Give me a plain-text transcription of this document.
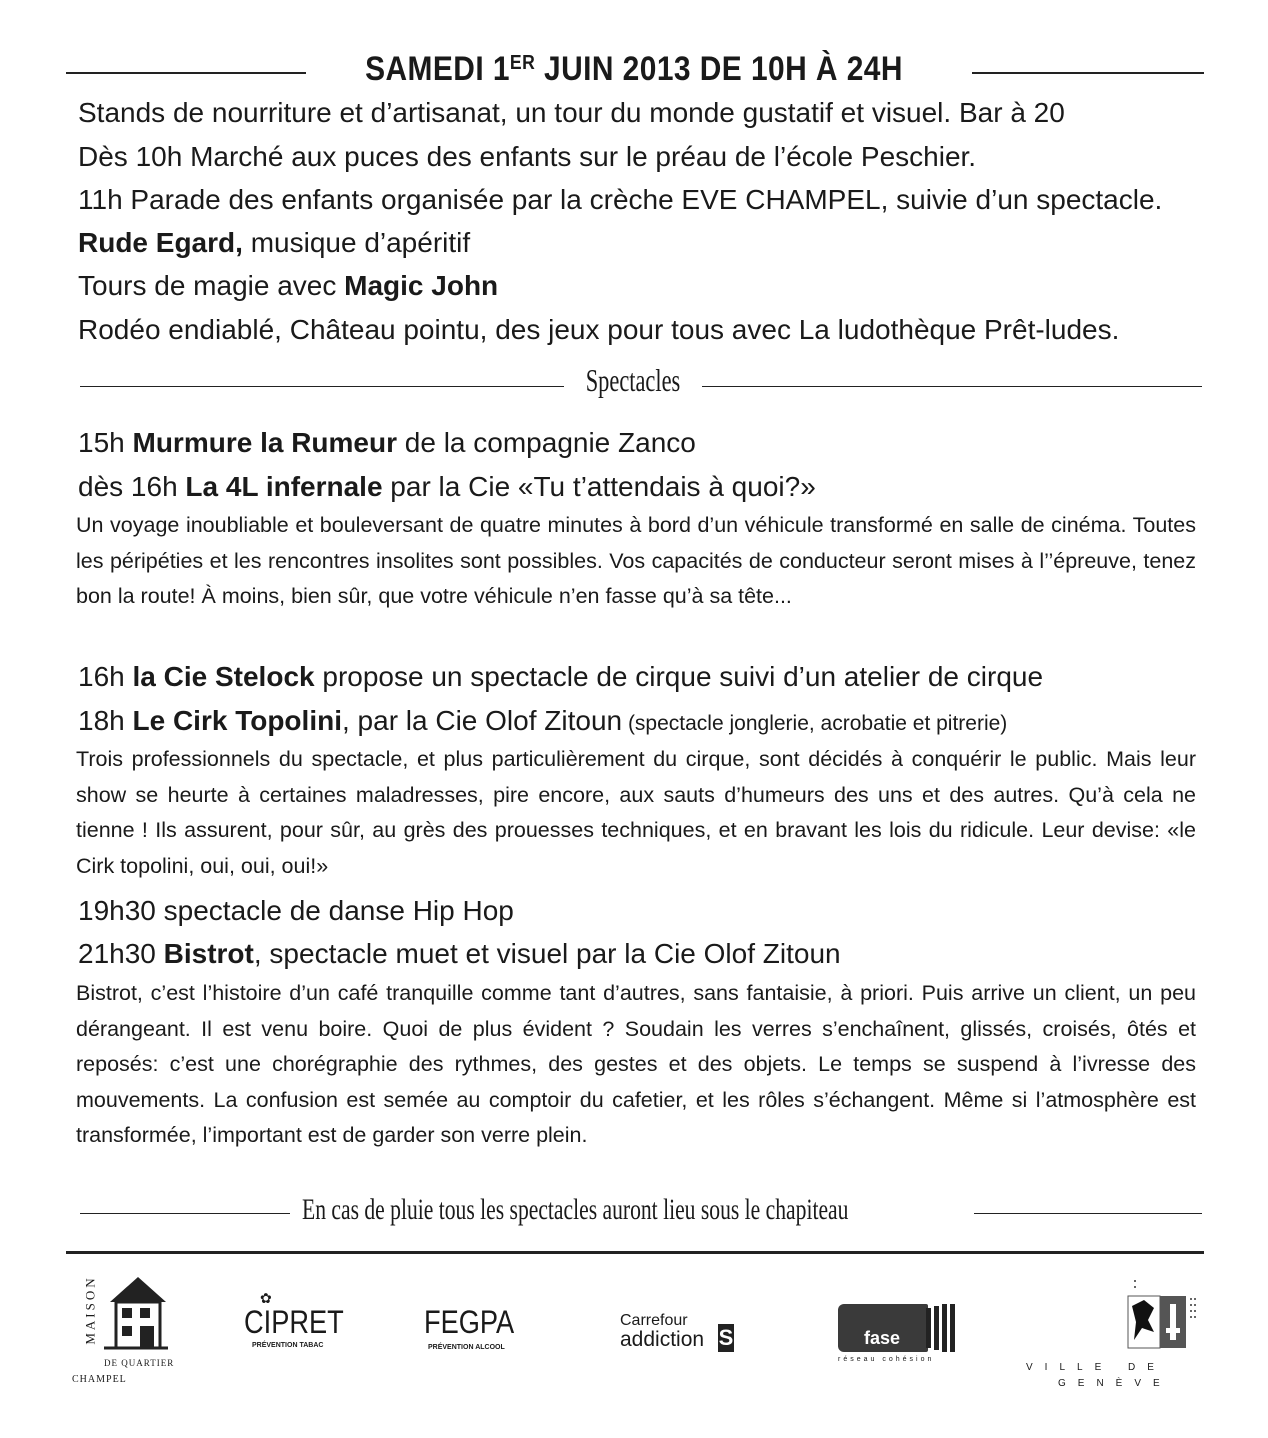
SAMEDI 1ER JUIN 2013 DE 10H À 24H
Stands de nourriture et d’artisanat, un tour du monde gustatif et visuel. Bar à 20
Dès 10h Marché aux puces des enfants sur le préau de l’école Peschier.
11h Parade des enfants organisée par la crèche EVE CHAMPEL, suivie d’un spectacle.
Rude Egard, musique d’apéritif
Tours de magie avec Magic John
Rodéo endiablé, Château pointu, des jeux pour tous avec La ludothèque Prêt-ludes.
Spectacles
15h Murmure la Rumeur de la compagnie Zanco
dès 16h La 4L infernale par la Cie «Tu t’attendais à quoi?»
Un voyage inoubliable et bouleversant de quatre minutes à bord d’un véhicule transformé en salle de cinéma. Toutes les péripéties et les rencontres insolites sont possibles. Vos capacités de conducteur seront mises à l’’épreuve, tenez bon la route! À moins, bien sûr, que votre véhicule n’en fasse qu’à sa tête...
16h la Cie Stelock propose un spectacle de cirque suivi d’un atelier de cirque
18h Le Cirk Topolini, par la Cie Olof Zitoun (spectacle jonglerie, acrobatie et pitrerie)
Trois professionnels du spectacle, et plus particulièrement du cirque, sont décidés à conquérir le public. Mais leur show se heurte à certaines maladresses, pire encore, aux sauts d’humeurs des uns et des autres. Qu’à cela ne tienne ! Ils assurent, pour sûr, au grès des prouesses techniques, et en bravant les lois du ridicule. Leur devise: «le Cirk topolini, oui, oui, oui!»
19h30 spectacle de danse Hip Hop
21h30 Bistrot, spectacle muet et visuel par la Cie Olof Zitoun
Bistrot, c’est l’histoire d’un café tranquille comme tant d’autres, sans fantaisie, à priori. Puis arrive un client, un peu dérangeant. Il est venu boire. Quoi de plus évident ? Soudain les verres s’enchaînent, glissés, croisés, ôtés et reposés: c’est une chorégraphie des rythmes, des gestes et des objets. Le temps se suspend à l’ivresse des mouvements. La confusion est semée au comptoir du cafetier, et les rôles s’échangent. Même si l’atmosphère est transformée, l’important est de garder son verre plein.
En cas de pluie tous les spectacles auront lieu sous le chapiteau
MAISON
DE QUARTIER
CHAMPEL
✿
CIPRET
PRÉVENTION TABAC
FEGPA
PRÉVENTION ALCOOL
Carrefour
addiction S	fase
réseau cohésion
VILLE DE
GENÈVE
